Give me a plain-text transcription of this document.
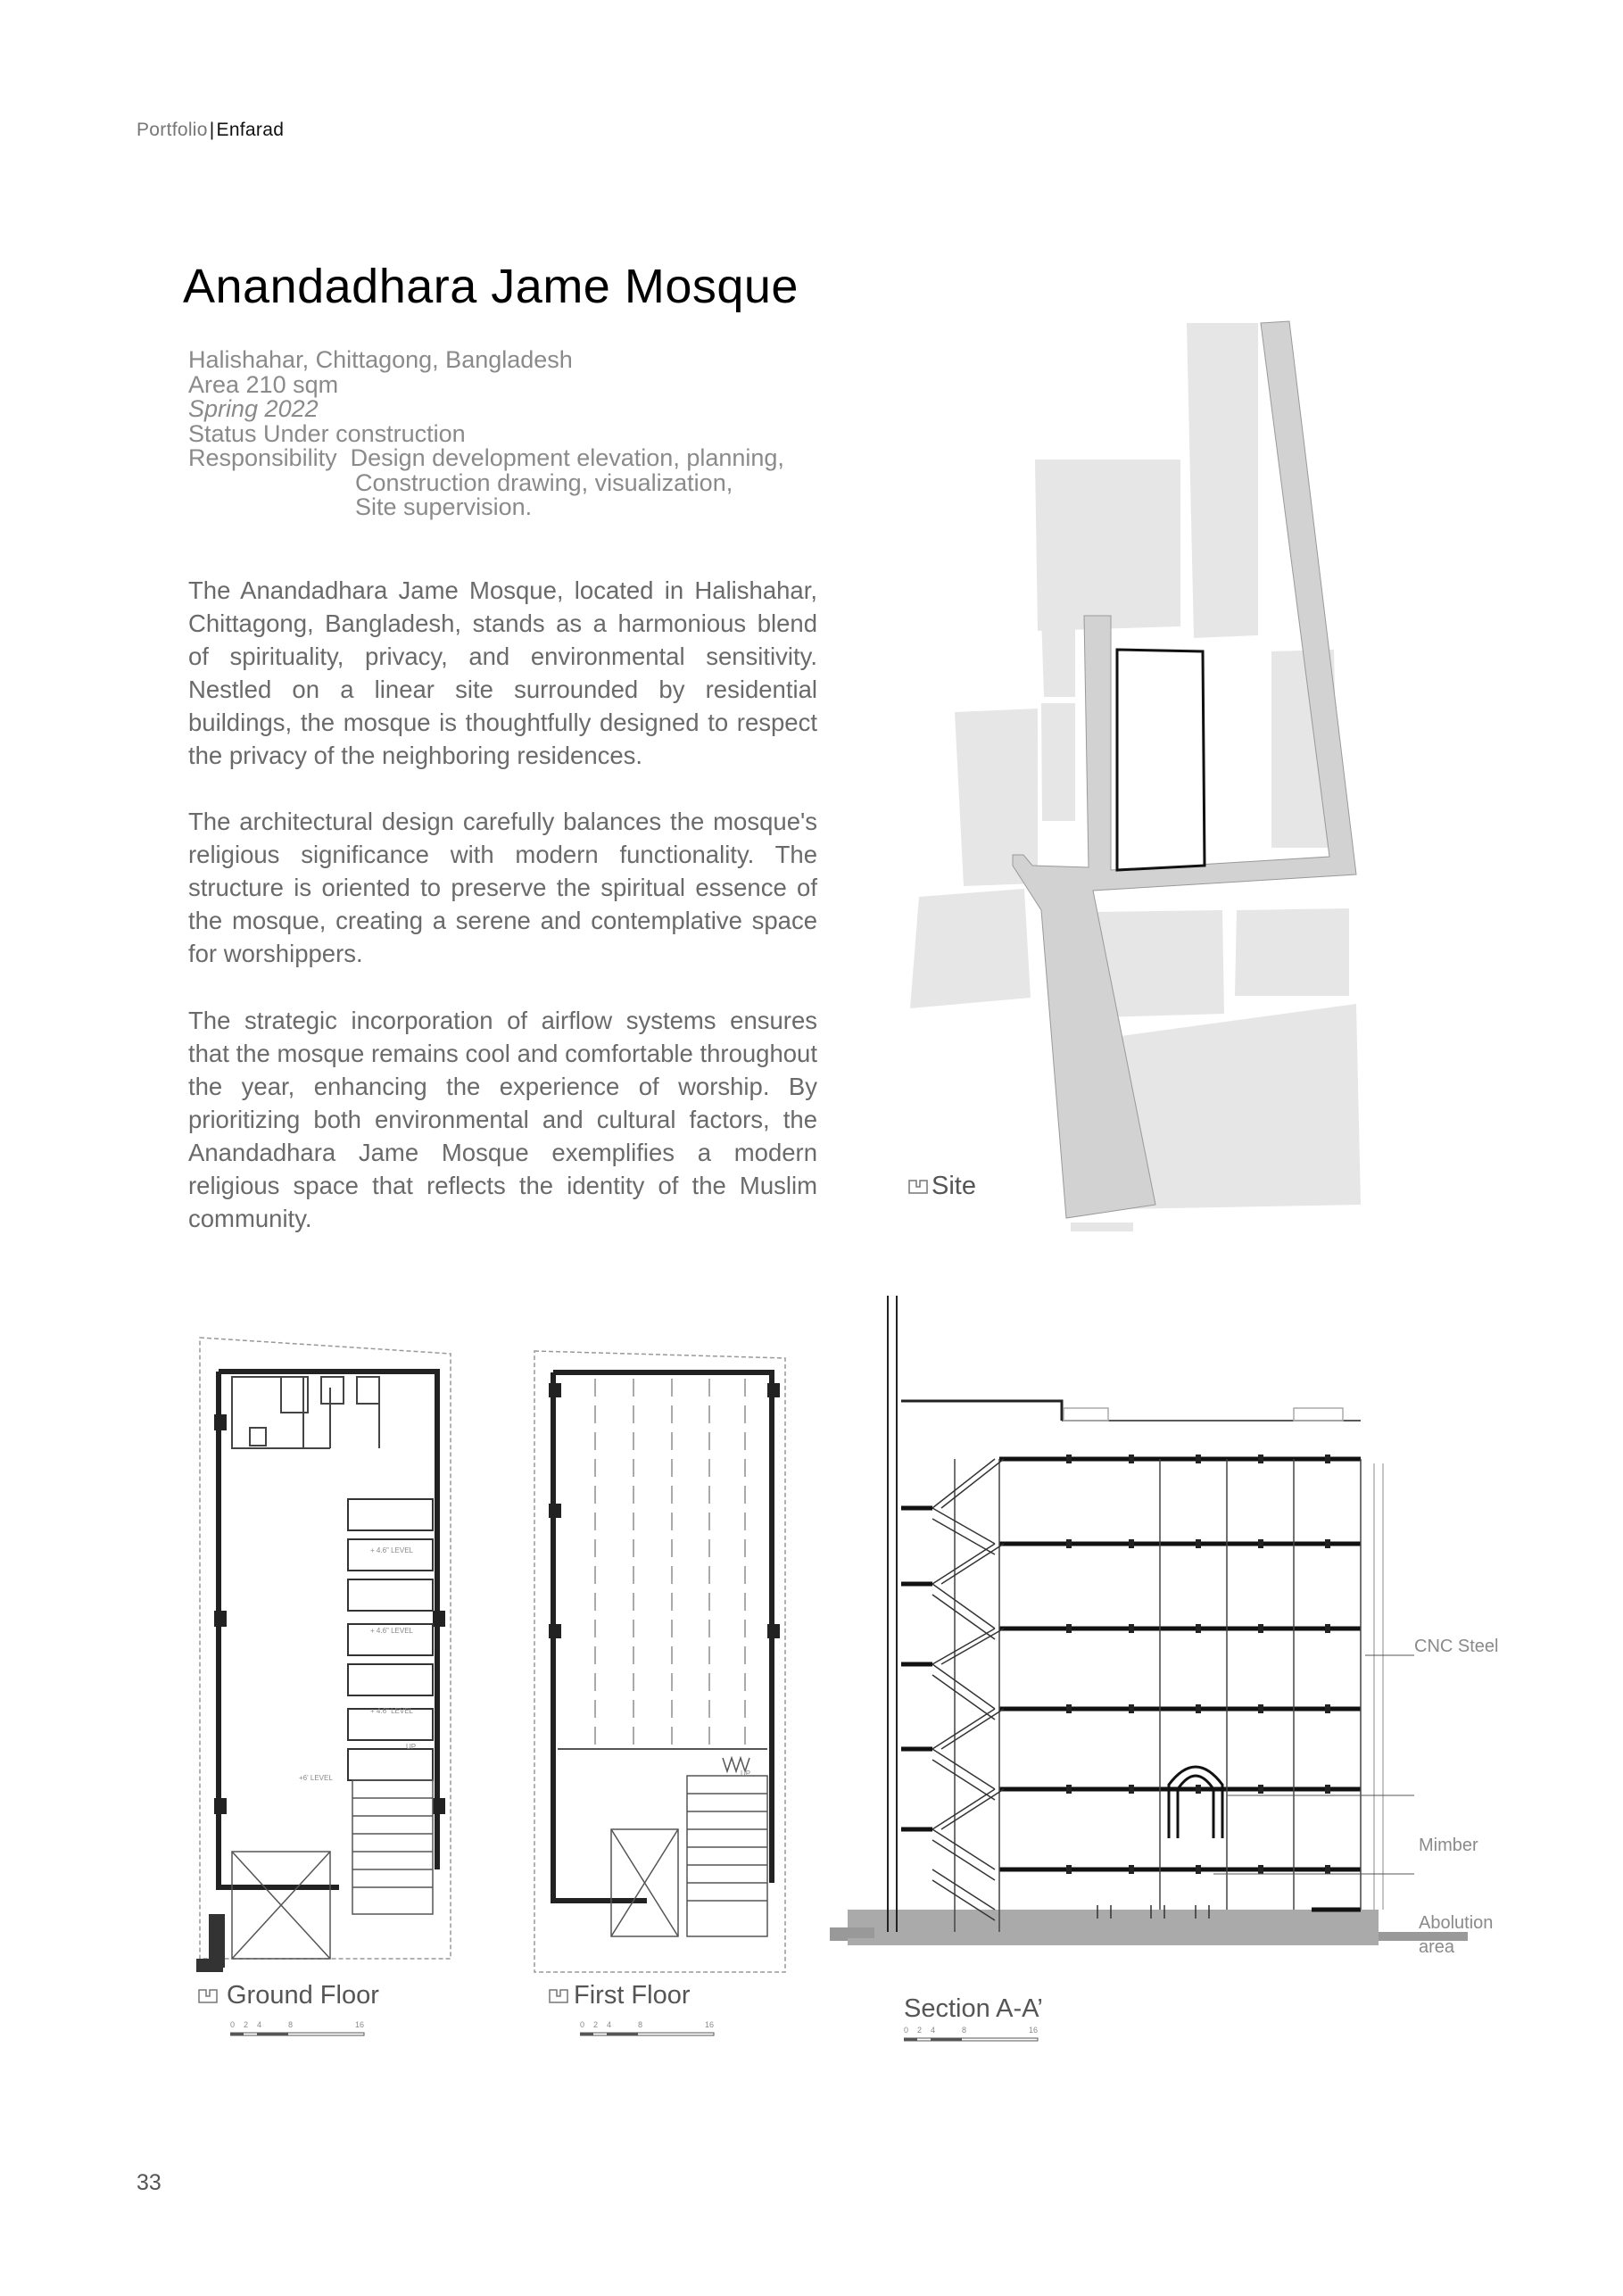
Portfolio|Enfarad
Anandadhara Jame Mosque
Halishahar, Chittagong, Bangladesh
Area 210 sqm
Spring 2022
Status Under construction
Responsibility Design development elevation, planning,
Construction drawing, visualization,
Site supervision.

The Anandadhara Jame Mosque, located in Halishahar, Chittagong, Bangladesh, stands as a harmonious blend of spirituality, privacy, and environmental sensitivity. Nestled on a linear site surrounded by residential buildings, the mosque is thoughtfully designed to respect the privacy of the neighboring residences.

The architectural design carefully balances the mosque's religious significance with modern functionality. The structure is oriented to preserve the spiritual essence of the mosque, creating a serene and contemplative space for worshippers.

The strategic incorporation of airflow systems ensures that the mosque remains cool and comfortable throughout the year, enhancing the experience of worship. By prioritizing both environmental and cultural factors, the Anandadhara Jame Mosque exemplifies a modern religious space that reflects the identity of the Muslim community.

Site
+ 4.6" LEVEL
+ 4.6" LEVEL
+ 4.6" LEVEL
+6' LEVEL
UP
Ground Floor
0 2 4	8	16
UP
First Floor
0 2 4	8	16
CNC Steel
Mimber
Abolution
area
Section A-A’
0 2 4	8	16
33
